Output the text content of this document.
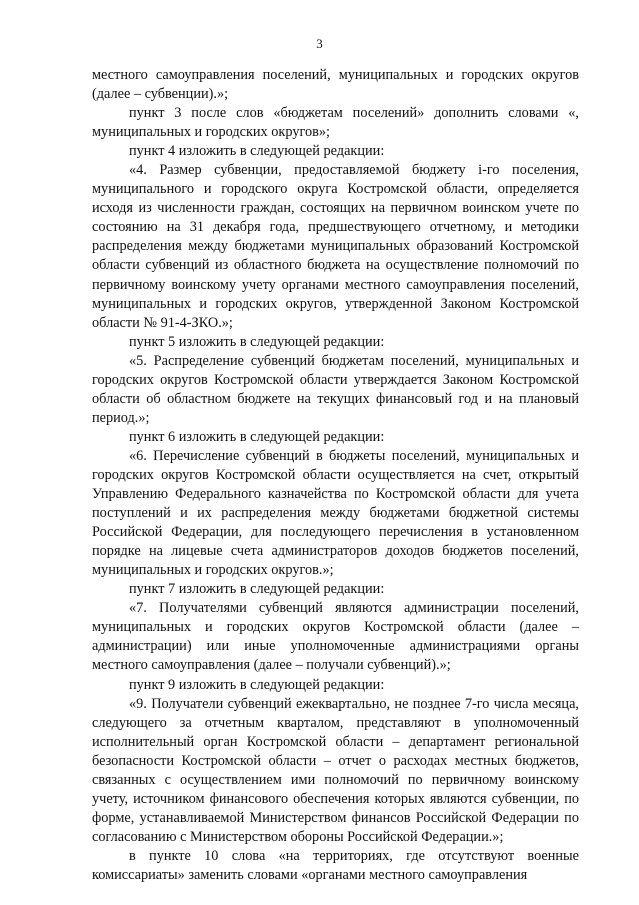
3

местного самоуправления поселений, муниципальных и городских округов (далее – субвенции).»;

пункт 3 после слов «бюджетам поселений» дополнить словами «, муниципальных и городских округов»;

пункт 4 изложить в следующей редакции:

«4. Размер субвенции, предоставляемой бюджету i-го поселения, муниципального и городского округа Костромской области, определяется исходя из численности граждан, состоящих на первичном воинском учете по состоянию на 31 декабря года, предшествующего отчетному, и методики распределения между бюджетами муниципальных образований Костромской области субвенций из областного бюджета на осуществление полномочий по первичному воинскому учету органами местного самоуправления поселений, муниципальных и городских округов, утвержденной Законом Костромской области № 91-4-ЗКО.»;

пункт 5 изложить в следующей редакции:

«5. Распределение субвенций бюджетам поселений, муниципальных и городских округов Костромской области утверждается Законом Костромской области об областном бюджете на текущих финансовый год и на плановый период.»;

пункт 6 изложить в следующей редакции:

«6. Перечисление субвенций в бюджеты поселений, муниципальных и городских округов Костромской области осуществляется на счет, открытый Управлению Федерального казначейства по Костромской области для учета поступлений и их распределения между бюджетами бюджетной системы Российской Федерации, для последующего перечисления в установленном порядке на лицевые счета администраторов доходов бюджетов поселений, муниципальных и городских округов.»;

пункт 7 изложить в следующей редакции:

«7. Получателями субвенций являются администрации поселений, муниципальных и городских округов Костромской области (далее – администрации) или иные уполномоченные администрациями органы местного самоуправления (далее – получали субвенций).»;

пункт 9 изложить в следующей редакции:

«9. Получатели субвенций ежеквартально, не позднее 7-го числа месяца, следующего за отчетным кварталом, представляют в уполномоченный исполнительный орган Костромской области – департамент региональной безопасности Костромской области – отчет о расходах местных бюджетов, связанных с осуществлением ими полномочий по первичному воинскому учету, источником финансового обеспечения которых являются субвенции, по форме, устанавливаемой Министерством финансов Российской Федерации по согласованию с Министерством обороны Российской Федерации.»;

в пункте 10 слова «на территориях, где отсутствуют военные комиссариаты» заменить словами «органами местного самоуправления
